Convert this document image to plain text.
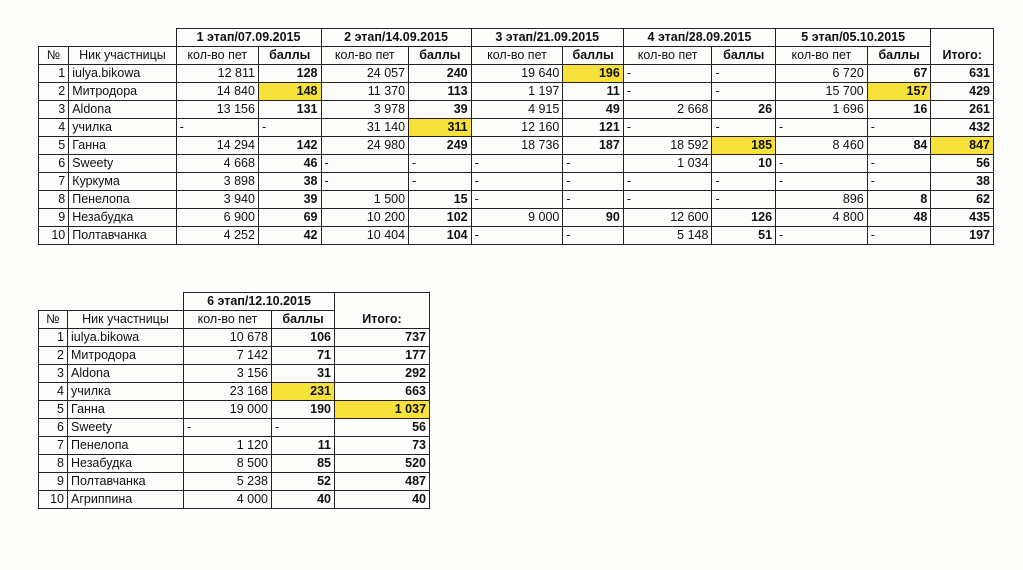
		1 этап/07.09.2015		2 этап/14.09.2015		3 этап/21.09.2015		4 этап/28.09.2015		5 этап/05.10.2015		
№	Ник участницы	кол-во пет	баллы	кол-во пет	баллы	кол-во пет	баллы	кол-во пет	баллы	кол-во пет	баллы	Итого:
1	iulya.bikowa	12 811	128	24 057	240	19 640	196	-	-	6 720	67	631
2	Митродора	14 840	148	11 370	113	1 197	11	-	-	15 700	157	429
3	Aldona	13 156	131	3 978	39	4 915	49	2 668	26	1 696	16	261
4	училка	-	-	31 140	311	12 160	121	-	-	-	-	432
5	Ганна	14 294	142	24 980	249	18 736	187	18 592	185	8 460	84	847
6	Sweety	4 668	46	-	-	-	-	1 034	10	-	-	56
7	Куркума	3 898	38	-	-	-	-	-	-	-	-	38
8	Пенелопа	3 940	39	1 500	15	-	-	-	-	896	8	62
9	Незабудка	6 900	69	10 200	102	9 000	90	12 600	126	4 800	48	435
10	Полтавчанка	4 252	42	10 404	104	-	-	5 148	51	-	-	197
		6 этап/12.10.2015		
№	Ник участницы	кол-во пет	баллы	Итого:
1	iulya.bikowa	10 678	106	737
2	Митродора	7 142	71	177
3	Aldona	3 156	31	292
4	училка	23 168	231	663
5	Ганна	19 000	190	1 037
6	Sweety	-	-	56
7	Пенелопа	1 120	11	73
8	Незабудка	8 500	85	520
9	Полтавчанка	5 238	52	487
10	Агриппина	4 000	40	40
